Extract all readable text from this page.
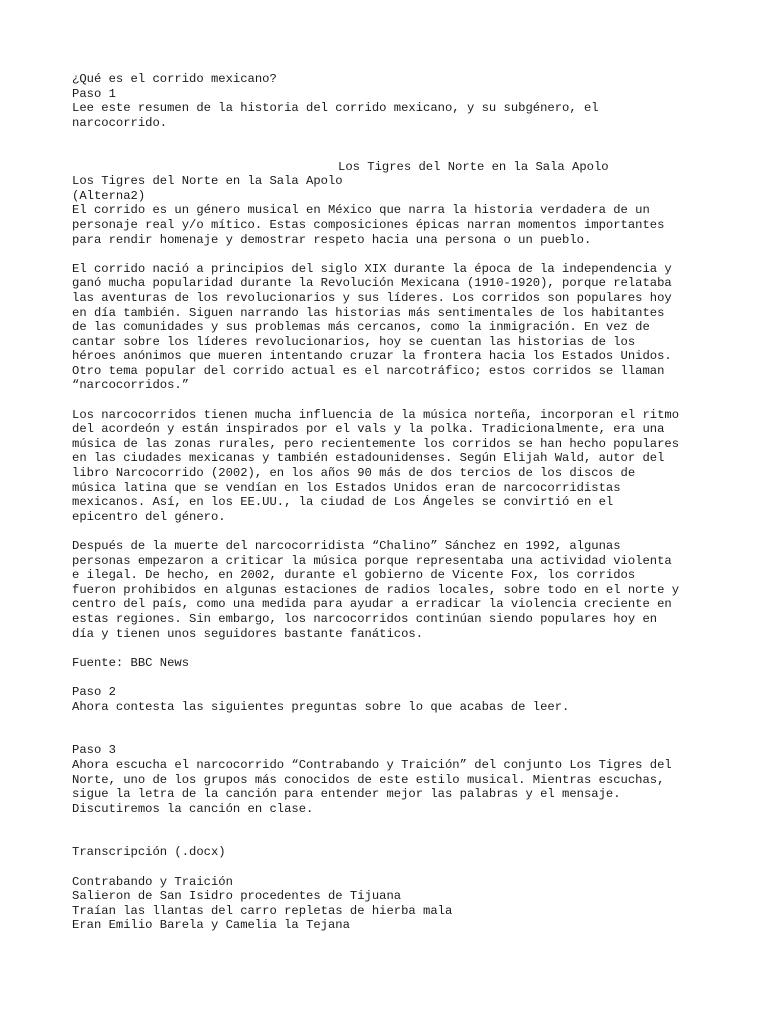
¿Qué es el corrido mexicano?
Paso 1
Lee este resumen de la historia del corrido mexicano, y su subgénero, el
narcocorrido.
Los Tigres del Norte en la Sala Apolo
Los Tigres del Norte en la Sala Apolo
(Alterna2)
El corrido es un género musical en México que narra la historia verdadera de un
personaje real y/o mítico. Estas composiciones épicas narran momentos importantes
para rendir homenaje y demostrar respeto hacia una persona o un pueblo.
El corrido nació a principios del siglo XIX durante la época de la independencia y
ganó mucha popularidad durante la Revolución Mexicana (1910-1920), porque relataba
las aventuras de los revolucionarios y sus líderes. Los corridos son populares hoy
en día también. Siguen narrando las historias más sentimentales de los habitantes
de las comunidades y sus problemas más cercanos, como la inmigración. En vez de
cantar sobre los líderes revolucionarios, hoy se cuentan las historias de los
héroes anónimos que mueren intentando cruzar la frontera hacia los Estados Unidos.
Otro tema popular del corrido actual es el narcotráfico; estos corridos se llaman
“narcocorridos.”
Los narcocorridos tienen mucha influencia de la música norteña, incorporan el ritmo
del acordeón y están inspirados por el vals y la polka. Tradicionalmente, era una
música de las zonas rurales, pero recientemente los corridos se han hecho populares
en las ciudades mexicanas y también estadounidenses. Según Elijah Wald, autor del
libro Narcocorrido (2002), en los años 90 más de dos tercios de los discos de
música latina que se vendían en los Estados Unidos eran de narcocorridistas
mexicanos. Así, en los EE.UU., la ciudad de Los Ángeles se convirtió en el
epicentro del género.
Después de la muerte del narcocorridista “Chalino” Sánchez en 1992, algunas
personas empezaron a criticar la música porque representaba una actividad violenta
e ilegal. De hecho, en 2002, durante el gobierno de Vicente Fox, los corridos
fueron prohibidos en algunas estaciones de radios locales, sobre todo en el norte y
centro del país, como una medida para ayudar a erradicar la violencia creciente en
estas regiones. Sin embargo, los narcocorridos continúan siendo populares hoy en
día y tienen unos seguidores bastante fanáticos.
Fuente: BBC News
Paso 2
Ahora contesta las siguientes preguntas sobre lo que acabas de leer.
Paso 3
Ahora escucha el narcocorrido “Contrabando y Traición” del conjunto Los Tigres del
Norte, uno de los grupos más conocidos de este estilo musical. Mientras escuchas,
sigue la letra de la canción para entender mejor las palabras y el mensaje.
Discutiremos la canción en clase.
Transcripción (.docx)
Contrabando y Traición
Salieron de San Isidro procedentes de Tijuana
Traían las llantas del carro repletas de hierba mala
Eran Emilio Barela y Camelia la Tejana
